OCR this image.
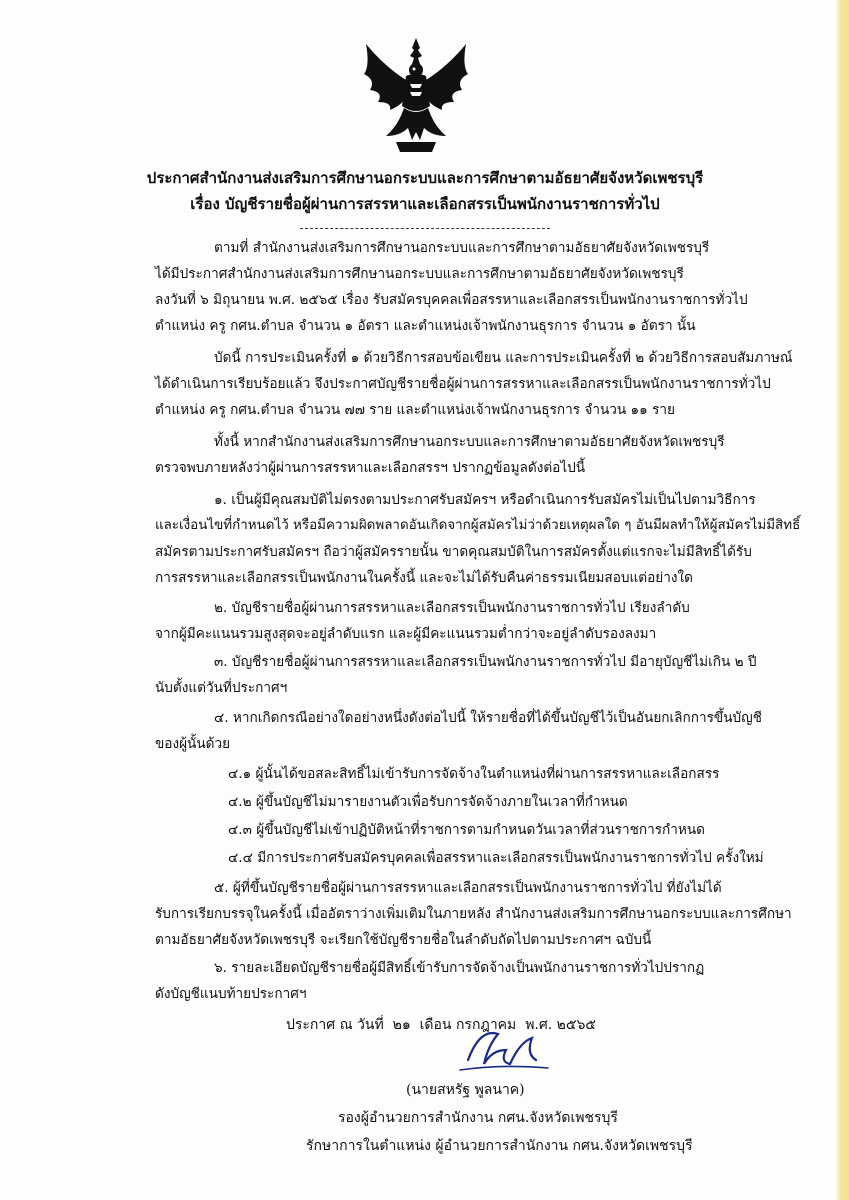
ประกาศสำนักงานส่งเสริมการศึกษานอกระบบและการศึกษาตามอัธยาศัยจังหวัดเพชรบุรี
เรื่อง บัญชีรายชื่อผู้ผ่านการสรรหาและเลือกสรรเป็นพนักงานราชการทั่วไป
ตามที่ สำนักงานส่งเสริมการศึกษานอกระบบและการศึกษาตามอัธยาศัยจังหวัดเพชรบุรี
ได้มีประกาศสำนักงานส่งเสริมการศึกษานอกระบบและการศึกษาตามอัธยาศัยจังหวัดเพชรบุรี
ลงวันที่ ๖ มิถุนายน พ.ศ. ๒๕๖๕ เรื่อง รับสมัครบุคคลเพื่อสรรหาและเลือกสรรเป็นพนักงานราชการทั่วไป
ตำแหน่ง ครู กศน.ตำบล จำนวน ๑ อัตรา และตำแหน่งเจ้าพนักงานธุรการ จำนวน ๑ อัตรา นั้น
บัดนี้ การประเมินครั้งที่ ๑ ด้วยวิธีการสอบข้อเขียน และการประเมินครั้งที่ ๒ ด้วยวิธีการสอบสัมภาษณ์
ได้ดำเนินการเรียบร้อยแล้ว จึงประกาศบัญชีรายชื่อผู้ผ่านการสรรหาและเลือกสรรเป็นพนักงานราชการทั่วไป
ตำแหน่ง ครู กศน.ตำบล จำนวน ๗๗ ราย และตำแหน่งเจ้าพนักงานธุรการ จำนวน ๑๑ ราย
ทั้งนี้ หากสำนักงานส่งเสริมการศึกษานอกระบบและการศึกษาตามอัธยาศัยจังหวัดเพชรบุรี
ตรวจพบภายหลังว่าผู้ผ่านการสรรหาและเลือกสรรฯ ปรากฏข้อมูลดังต่อไปนี้
๑. เป็นผู้มีคุณสมบัติไม่ตรงตามประกาศรับสมัครฯ หรือดำเนินการรับสมัครไม่เป็นไปตามวิธีการ
และเงื่อนไขที่กำหนดไว้ หรือมีความผิดพลาดอันเกิดจากผู้สมัครไม่ว่าด้วยเหตุผลใด ๆ อันมีผลทำให้ผู้สมัครไม่มีสิทธิ์
สมัครตามประกาศรับสมัครฯ ถือว่าผู้สมัครรายนั้น ขาดคุณสมบัติในการสมัครตั้งแต่แรกจะไม่มีสิทธิ์ได้รับ
การสรรหาและเลือกสรรเป็นพนักงานในครั้งนี้ และจะไม่ได้รับคืนค่าธรรมเนียมสอบแต่อย่างใด
๒. บัญชีรายชื่อผู้ผ่านการสรรหาและเลือกสรรเป็นพนักงานราชการทั่วไป เรียงลำดับ
จากผู้มีคะแนนรวมสูงสุดจะอยู่ลำดับแรก และผู้มีคะแนนรวมต่ำกว่าจะอยู่ลำดับรองลงมา
๓. บัญชีรายชื่อผู้ผ่านการสรรหาและเลือกสรรเป็นพนักงานราชการทั่วไป มีอายุบัญชีไม่เกิน ๒ ปี
นับตั้งแต่วันที่ประกาศฯ
๔. หากเกิดกรณีอย่างใดอย่างหนึ่งดังต่อไปนี้ ให้รายชื่อที่ได้ขึ้นบัญชีไว้เป็นอันยกเลิกการขึ้นบัญชี
ของผู้นั้นด้วย
๔.๑ ผู้นั้นได้ขอสละสิทธิ์ไม่เข้ารับการจัดจ้างในตำแหน่งที่ผ่านการสรรหาและเลือกสรร
๔.๒ ผู้ขึ้นบัญชีไม่มารายงานตัวเพื่อรับการจัดจ้างภายในเวลาที่กำหนด
๔.๓ ผู้ขึ้นบัญชีไม่เข้าปฏิบัติหน้าที่ราชการตามกำหนดวันเวลาที่ส่วนราชการกำหนด
๔.๔ มีการประกาศรับสมัครบุคคลเพื่อสรรหาและเลือกสรรเป็นพนักงานราชการทั่วไป ครั้งใหม่
๕. ผู้ที่ขึ้นบัญชีรายชื่อผู้ผ่านการสรรหาและเลือกสรรเป็นพนักงานราชการทั่วไป ที่ยังไม่ได้
รับการเรียกบรรจุในครั้งนี้ เมื่ออัตราว่างเพิ่มเติมในภายหลัง สำนักงานส่งเสริมการศึกษานอกระบบและการศึกษา
ตามอัธยาศัยจังหวัดเพชรบุรี จะเรียกใช้บัญชีรายชื่อในลำดับถัดไปตามประกาศฯ ฉบับนี้
๖. รายละเอียดบัญชีรายชื่อผู้มีสิทธิ์เข้ารับการจัดจ้างเป็นพนักงานราชการทั่วไปปรากฏ
ดังบัญชีแนบท้ายประกาศฯ
ประกาศ ณ วันที่ ๒๑ เดือน กรกฎาคม พ.ศ. ๒๕๖๕
(นายสหรัฐ พูลนาค)
รองผู้อำนวยการสำนักงาน กศน.จังหวัดเพชรบุรี
รักษาการในตำแหน่ง ผู้อำนวยการสำนักงาน กศน.จังหวัดเพชรบุรี
